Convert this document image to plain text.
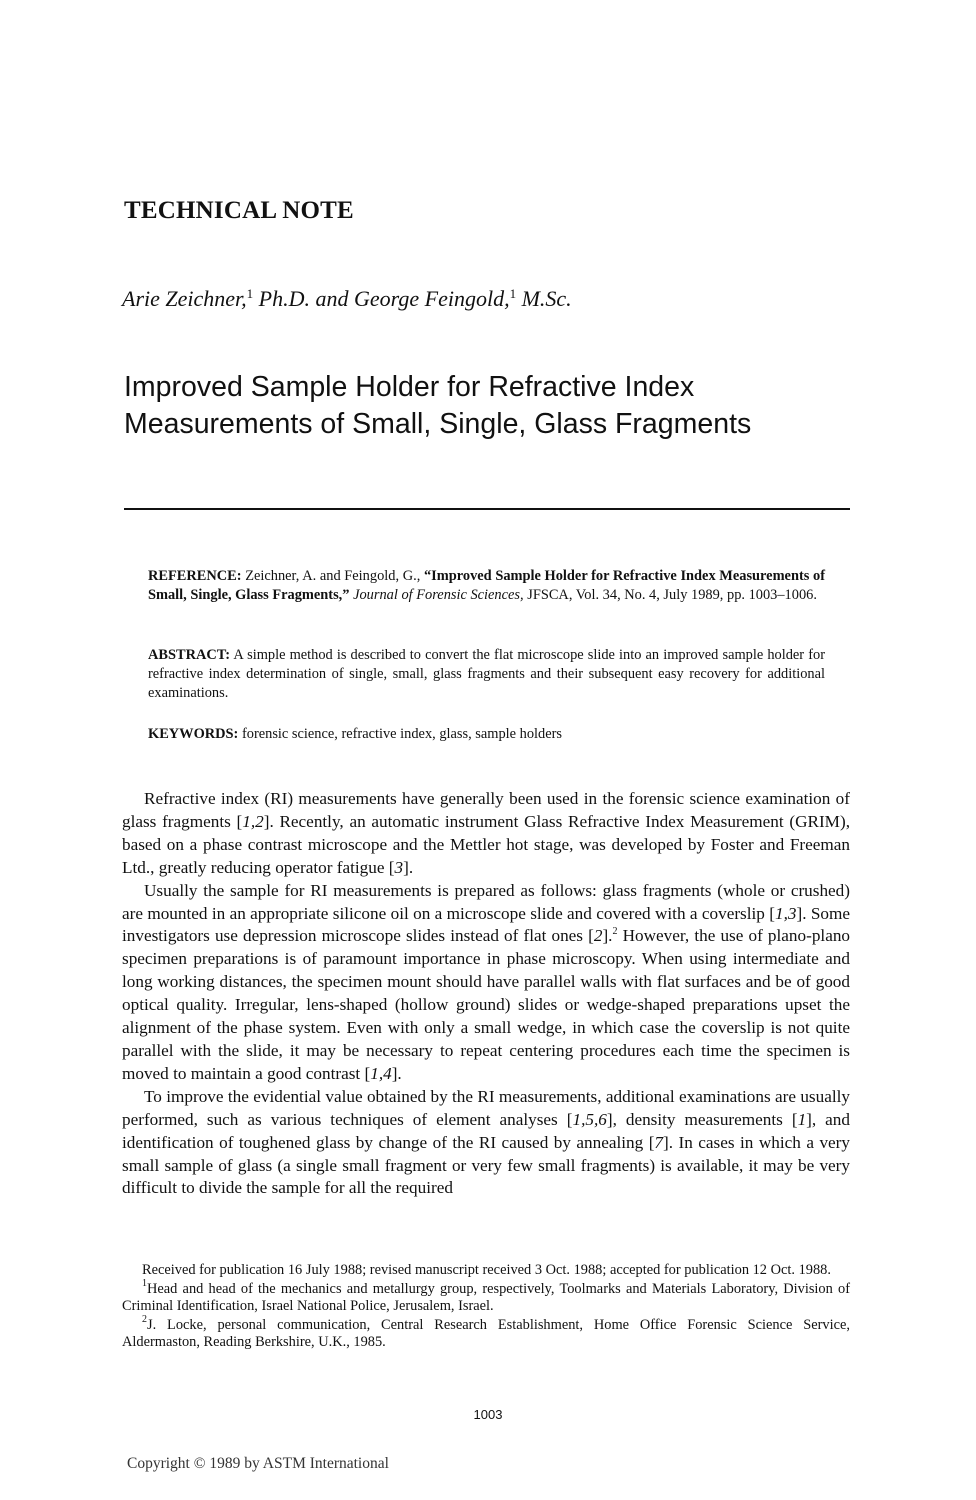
TECHNICAL NOTE
Arie Zeichner,$^1$ Ph.D. and George Feingold,$^1$ M.Sc.
Improved Sample Holder for Refractive Index
Measurements of Small, Single, Glass Fragments
REFERENCE: Zeichner, A. and Feingold, G., “Improved Sample Holder for Refractive Index Measurements of Small, Single, Glass Fragments,” Journal of Forensic Sciences, JFSCA, Vol. 34, No. 4, July 1989, pp. 1003–1006.
ABSTRACT: A simple method is described to convert the flat microscope slide into an improved sample holder for refractive index determination of single, small, glass fragments and their subsequent easy recovery for additional examinations.
KEYWORDS: forensic science, refractive index, glass, sample holders

Refractive index (RI) measurements have generally been used in the forensic science examination of glass fragments [1,2]. Recently, an automatic instrument Glass Refractive Index Measurement (GRIM), based on a phase contrast microscope and the Mettler hot stage, was developed by Foster and Freeman Ltd., greatly reducing operator fatigue [3].

Usually the sample for RI measurements is prepared as follows: glass fragments (whole or crushed) are mounted in an appropriate silicone oil on a microscope slide and covered with a coverslip [1,3]. Some investigators use depression microscope slides instead of flat ones [2].$^2$ However, the use of plano-plano specimen preparations is of paramount importance in phase microscopy. When using intermediate and long working distances, the specimen mount should have parallel walls with flat surfaces and be of good optical quality. Irregular, lens-shaped (hollow ground) slides or wedge-shaped preparations upset the alignment of the phase system. Even with only a small wedge, in which case the coverslip is not quite parallel with the slide, it may be necessary to repeat centering procedures each time the specimen is moved to maintain a good contrast [1,4].

To improve the evidential value obtained by the RI measurements, additional examinations are usually performed, such as various techniques of element analyses [1,5,6], density measurements [1], and identification of toughened glass by change of the RI caused by annealing [7]. In cases in which a very small sample of glass (a single small fragment or very few small fragments) is available, it may be very difficult to divide the sample for all the required

Received for publication 16 July 1988; revised manuscript received 3 Oct. 1988; accepted for publication 12 Oct. 1988.

$^1$Head and head of the mechanics and metallurgy group, respectively, Toolmarks and Materials Laboratory, Division of Criminal Identification, Israel National Police, Jerusalem, Israel.

$^2$J. Locke, personal communication, Central Research Establishment, Home Office Forensic Science Service, Aldermaston, Reading Berkshire, U.K., 1985.

1003
Copyright © 1989 by ASTM International
